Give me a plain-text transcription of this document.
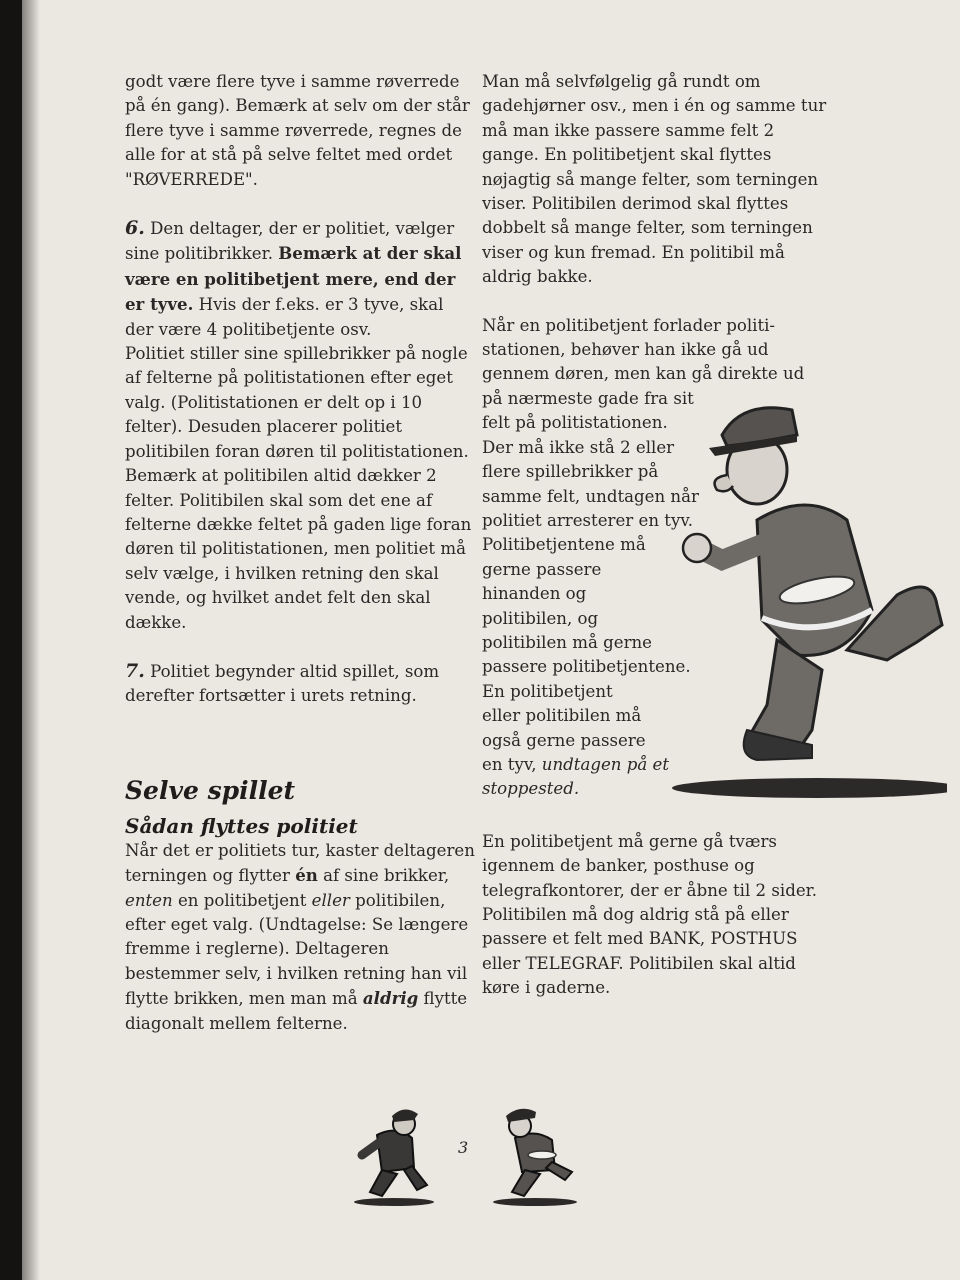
godt være flere tyve i samme røverrede på én gang). Bemærk at selv om der står flere tyve i samme røverrede, regnes de alle for at stå på selve feltet med ordet "RØVERREDE".

6. Den deltager, der er politiet, vælger sine politibrikker. Bemærk at der skal være en politibetjent mere, end der er tyve. Hvis der f.eks. er 3 tyve, skal der være 4 politibetjente osv.

Politiet stiller sine spillebrikker på nogle af felterne på politistationen efter eget valg. (Politistationen er delt op i 10 felter). Desuden placerer politiet politibilen foran døren til politistationen. Bemærk at politibilen altid dækker 2 felter. Politibilen skal som det ene af felterne dække feltet på gaden lige foran døren til politistationen, men politiet må selv vælge, i hvilken retning den skal vende, og hvilket andet felt den skal dække.

7. Politiet begynder altid spillet, som derefter fortsætter i urets retning.

Selve spillet
Sådan flyttes politiet

Når det er politiets tur, kaster deltageren terningen og flytter én af sine brikker, enten en politibetjent eller politibilen, efter eget valg. (Undtagelse: Se længere fremme i reglerne). Deltageren bestemmer selv, i hvilken retning han vil flytte brikken, men man må aldrig flytte diagonalt mellem felterne.

Man må selvfølgelig gå rundt om gadehjørner osv., men i én og samme tur må man ikke passere samme felt 2 gange. En politibetjent skal flyttes nøjagtig så mange felter, som terningen viser. Politibilen derimod skal flyttes dobbelt så mange felter, som terningen viser og kun fremad. En politibil må aldrig bakke.

Når en politibetjent forlader politi-

stationen, behøver han ikke gå ud

gennem døren, men kan gå direkte ud

på nærmeste gade fra sit

felt på politistationen.

Der må ikke stå 2 eller

flere spillebrikker på

samme felt, undtagen når

politiet arresterer en tyv.

Politibetjentene må

gerne passere

hinanden og

politibilen, og

politibilen må gerne

passere politibetjentene.

En politibetjent

eller politibilen må

også gerne passere

en tyv, undtagen på et

stoppested.

En politibetjent må gerne gå tværs igennem de banker, posthuse og telegrafkontorer, der er åbne til 2 sider. Politibilen må dog aldrig stå på eller passere et felt med BANK, POSTHUS eller TELEGRAF. Politibilen skal altid køre i gaderne.

3
